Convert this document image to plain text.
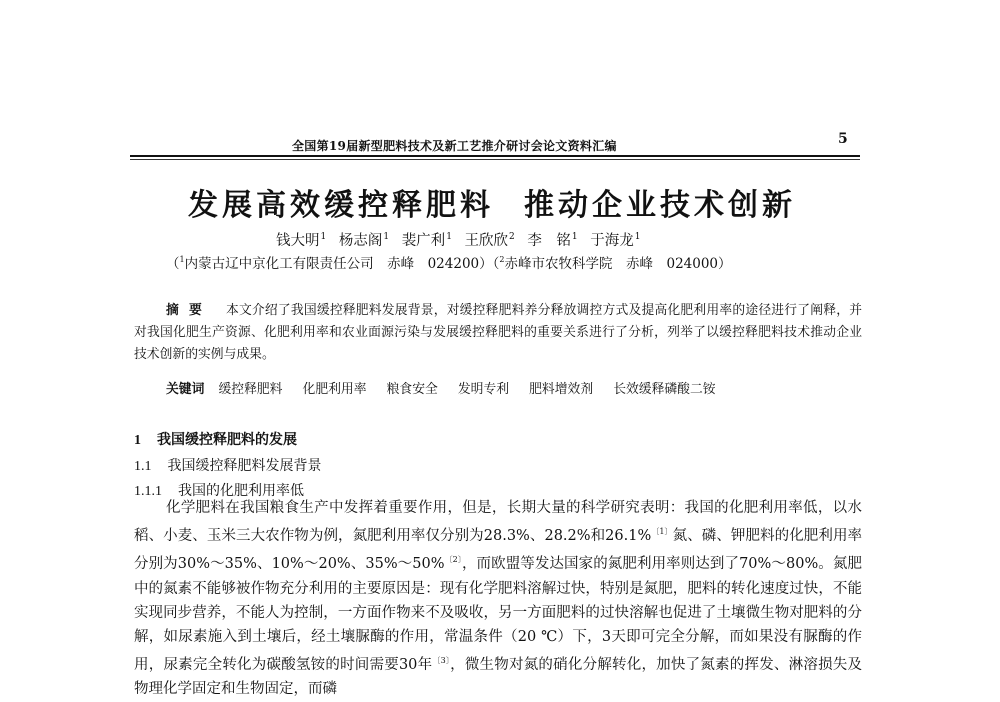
全国第19届新型肥料技术及新工艺推介研讨会论文资料汇编	5
发展高效缓控释肥料 推动企业技术创新
钱大明$^1$ 杨志阁$^1$ 裴广利$^1$ 王欣欣$^2$ 李　铭$^1$ 于海龙$^1$
（$^1$内蒙古辽中京化工有限责任公司　赤峰　024200）（$^2$赤峰市农牧科学院　赤峰　024000）
摘要 本文介绍了我国缓控释肥料发展背景，对缓控释肥料养分释放调控方式及提高化肥利用率的途径进行了阐释，并对我国化肥生产资源、化肥利用率和农业面源污染与发展缓控释肥料的重要关系进行了分析，列举了以缓控释肥料技术推动企业技术创新的实例与成果。
关键词 缓控释肥料 化肥利用率 粮食安全 发明专利 肥料增效剂 长效缓释磷酸二铵
1 我国缓控释肥料的发展
1.1 我国缓控释肥料发展背景
1.1.1 我国的化肥利用率低

化学肥料在我国粮食生产中发挥着重要作用，但是，长期大量的科学研究表明：我国的化肥利用率低，以水稻、小麦、玉米三大农作物为例，氮肥利用率仅分别为28.3%、28.2%和26.1%$^{〔1〕}$氮、磷、钾肥料的化肥利用率分别为30%～35%、10%～20%、35%～50%$^{〔2〕}$，而欧盟等发达国家的氮肥利用率则达到了70%～80%。氮肥中的氮素不能够被作物充分利用的主要原因是：现有化学肥料溶解过快，特别是氮肥，肥料的转化速度过快，不能实现同步营养，不能人为控制，一方面作物来不及吸收，另一方面肥料的过快溶解也促进了土壤微生物对肥料的分解，如尿素施入到土壤后，经土壤脲酶的作用，常温条件（20 ℃）下，3天即可完全分解，而如果没有脲酶的作用，尿素完全转化为碳酸氢铵的时间需要30年$^{〔3〕}$，微生物对氮的硝化分解转化，加快了氮素的挥发、淋溶损失及物理化学固定和生物固定，而磷
